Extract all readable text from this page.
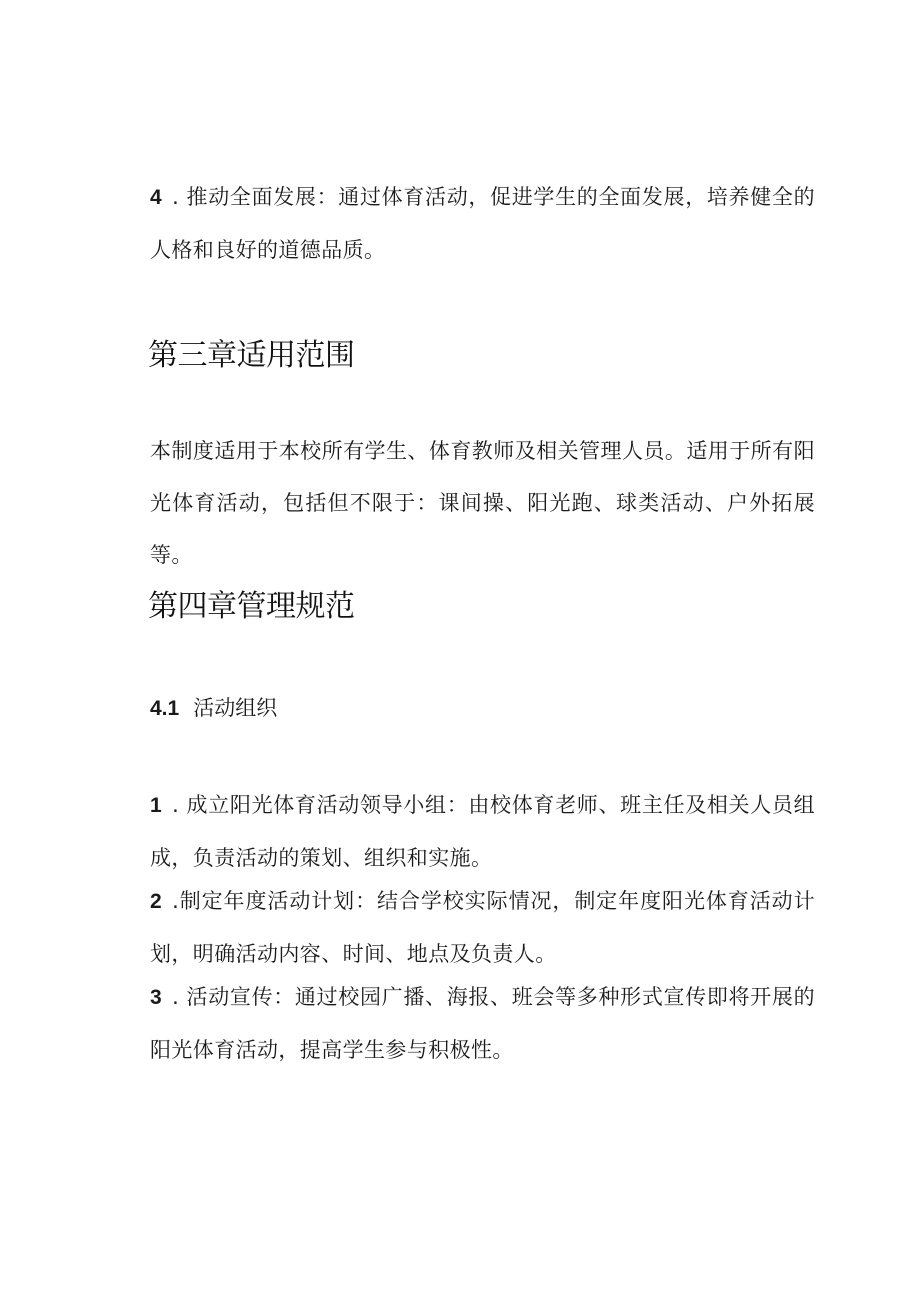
4 . 推动全面发展：通过体育活动，促进学生的全面发展，培养健全的人格和良好的道德品质。

第三章适用范围

本制度适用于本校所有学生、体育教师及相关管理人员。适用于所有阳光体育活动，包括但不限于：课间操、阳光跑、球类活动、户外拓展等。

第四章管理规范

4.1 活动组织

1 . 成立阳光体育活动领导小组：由校体育老师、班主任及相关人员组成，负责活动的策划、组织和实施。

2 .制定年度活动计划：结合学校实际情况，制定年度阳光体育活动计划，明确活动内容、时间、地点及负责人。

3 . 活动宣传：通过校园广播、海报、班会等多种形式宣传即将开展的阳光体育活动，提高学生参与积极性。
